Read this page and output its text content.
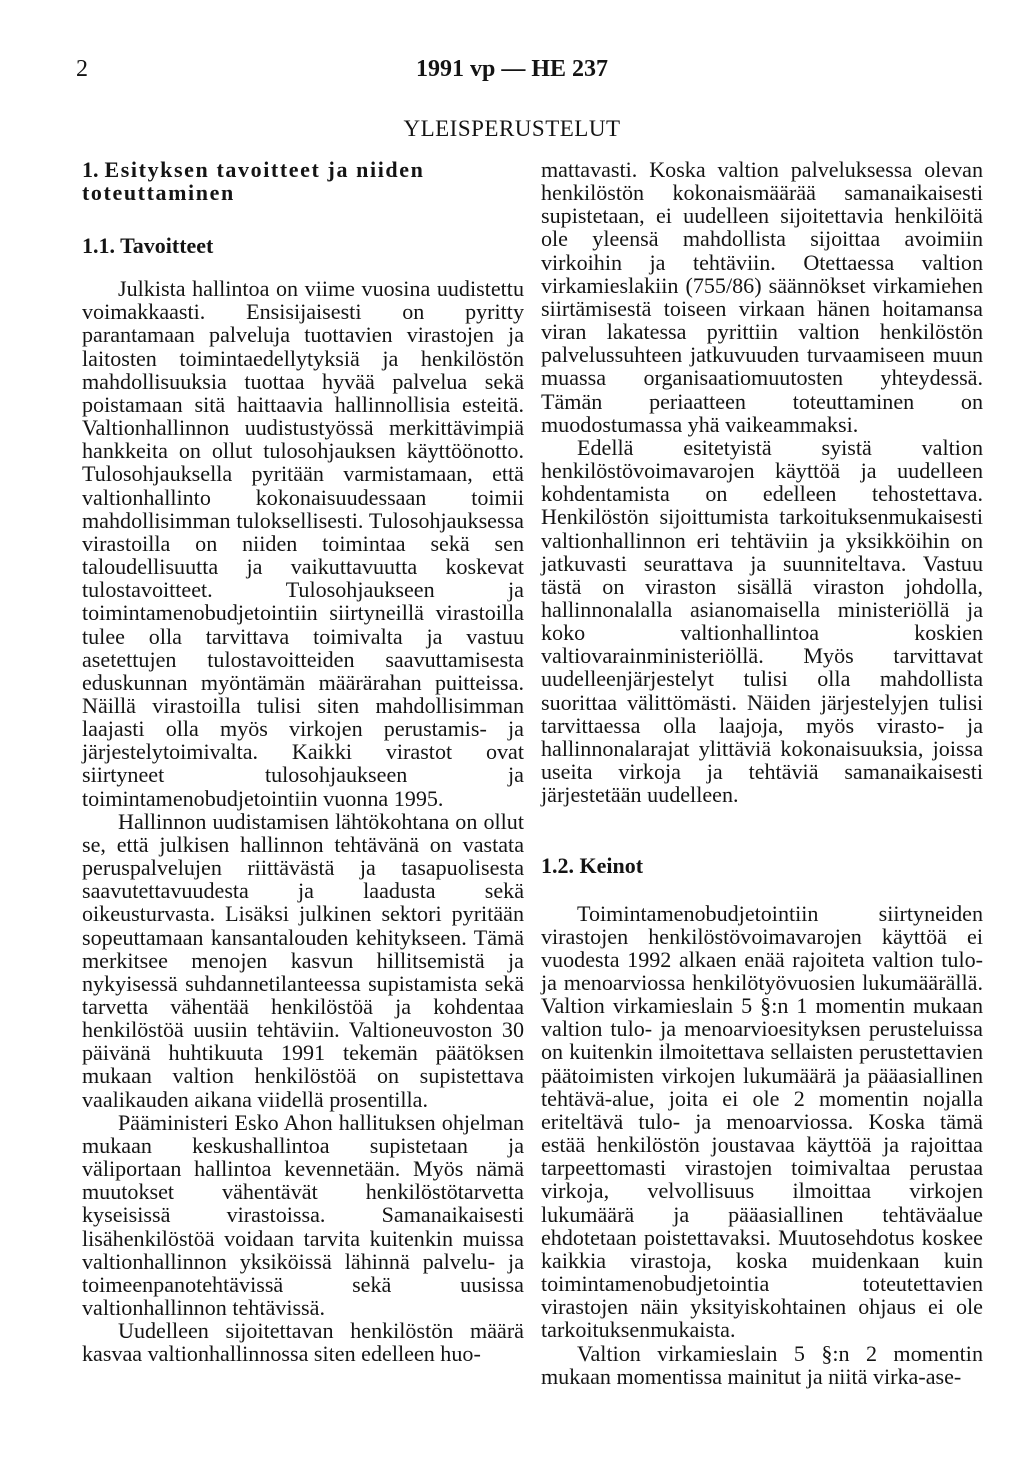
2	1991 vp — HE 237
YLEISPERUSTELUT
1. Esityksen tavoitteet ja niiden toteuttaminen
1.1. Tavoitteet

Julkista hallintoa on viime vuosina uudistettu voimakkaasti. Ensisijaisesti on pyritty parantamaan palveluja tuottavien virastojen ja laitosten toimintaedellytyksiä ja henkilöstön mahdollisuuksia tuottaa hyvää palvelua sekä poistamaan sitä haittaavia hallinnollisia esteitä. Valtionhallinnon uudistustyössä merkittävimpiä hankkeita on ollut tulosohjauksen käyttöönotto. Tulosohjauksella pyritään varmistamaan, että valtionhallinto kokonaisuudessaan toimii mahdollisimman tuloksellisesti. Tulosohjauksessa virastoilla on niiden toimintaa sekä sen taloudellisuutta ja vaikuttavuutta koskevat tulostavoitteet. Tulosohjaukseen ja toimintamenobudjetointiin siirtyneillä virastoilla tulee olla tarvittava toimivalta ja vastuu asetettujen tulostavoitteiden saavuttamisesta eduskunnan myöntämän määrärahan puitteissa. Näillä virastoilla tulisi siten mahdollisimman laajasti olla myös virkojen perustamis- ja järjestelytoimivalta. Kaikki virastot ovat siirtyneet tulosohjaukseen ja toimintamenobudjetointiin vuonna 1995.

Hallinnon uudistamisen lähtökohtana on ollut se, että julkisen hallinnon tehtävänä on vastata peruspalvelujen riittävästä ja tasapuolisesta saavutettavuudesta ja laadusta sekä oikeusturvasta. Lisäksi julkinen sektori pyritään sopeuttamaan kansantalouden kehitykseen. Tämä merkitsee menojen kasvun hillitsemistä ja nykyisessä suhdannetilanteessa supistamista sekä tarvetta vähentää henkilöstöä ja kohdentaa henkilöstöä uusiin tehtäviin. Valtioneuvoston 30 päivänä huhtikuuta 1991 tekemän päätöksen mukaan valtion henkilöstöä on supistettava vaalikauden aikana viidellä prosentilla.

Pääministeri Esko Ahon hallituksen ohjelman mukaan keskushallintoa supistetaan ja väliportaan hallintoa kevennetään. Myös nämä muutokset vähentävät henkilöstötarvetta kyseisissä virastoissa. Samanaikaisesti lisähenkilöstöä voidaan tarvita kuitenkin muissa valtionhallinnon yksiköissä lähinnä palvelu- ja toimeenpanotehtävissä sekä uusissa valtionhallinnon tehtävissä.

Uudelleen sijoitettavan henkilöstön määrä kasvaa valtionhallinnossa siten edelleen huo-

mattavasti. Koska valtion palveluksessa olevan henkilöstön kokonaismäärää samanaikaisesti supistetaan, ei uudelleen sijoitettavia henkilöitä ole yleensä mahdollista sijoittaa avoimiin virkoihin ja tehtäviin. Otettaessa valtion virkamieslakiin (755/86) säännökset virkamiehen siirtämisestä toiseen virkaan hänen hoitamansa viran lakatessa pyrittiin valtion henkilöstön palvelussuhteen jatkuvuuden turvaamiseen muun muassa organisaatiomuutosten yhteydessä. Tämän periaatteen toteuttaminen on muodostumassa yhä vaikeammaksi.

Edellä esitetyistä syistä valtion henkilöstövoimavarojen käyttöä ja uudelleen kohdentamista on edelleen tehostettava. Henkilöstön sijoittumista tarkoituksenmukaisesti valtionhallinnon eri tehtäviin ja yksikköihin on jatkuvasti seurattava ja suunniteltava. Vastuu tästä on viraston sisällä viraston johdolla, hallinnonalalla asianomaisella ministeriöllä ja koko valtionhallintoa koskien valtiovarainministeriöllä. Myös tarvittavat uudelleenjärjestelyt tulisi olla mahdollista suorittaa välittömästi. Näiden järjestelyjen tulisi tarvittaessa olla laajoja, myös virasto- ja hallinnonalarajat ylittäviä kokonaisuuksia, joissa useita virkoja ja tehtäviä samanaikaisesti järjestetään uudelleen.

1.2. Keinot

Toimintamenobudjetointiin siirtyneiden virastojen henkilöstövoimavarojen käyttöä ei vuodesta 1992 alkaen enää rajoiteta valtion tulo- ja menoarviossa henkilötyövuosien lukumäärällä. Valtion virkamieslain 5 §:n 1 momentin mukaan valtion tulo- ja menoarvioesityksen perusteluissa on kuitenkin ilmoitettava sellaisten perustettavien päätoimisten virkojen lukumäärä ja pääasiallinen tehtävä-alue, joita ei ole 2 momentin nojalla eriteltävä tulo- ja menoarviossa. Koska tämä estää henkilöstön joustavaa käyttöä ja rajoittaa tarpeettomasti virastojen toimivaltaa perustaa virkoja, velvollisuus ilmoittaa virkojen lukumäärä ja pääasiallinen tehtäväalue ehdotetaan poistettavaksi. Muutosehdotus koskee kaikkia virastoja, koska muidenkaan kuin toimintamenobudjetointia toteutettavien virastojen näin yksityiskohtainen ohjaus ei ole tarkoituksenmukaista.

Valtion virkamieslain 5 §:n 2 momentin mukaan momentissa mainitut ja niitä virka-ase-
